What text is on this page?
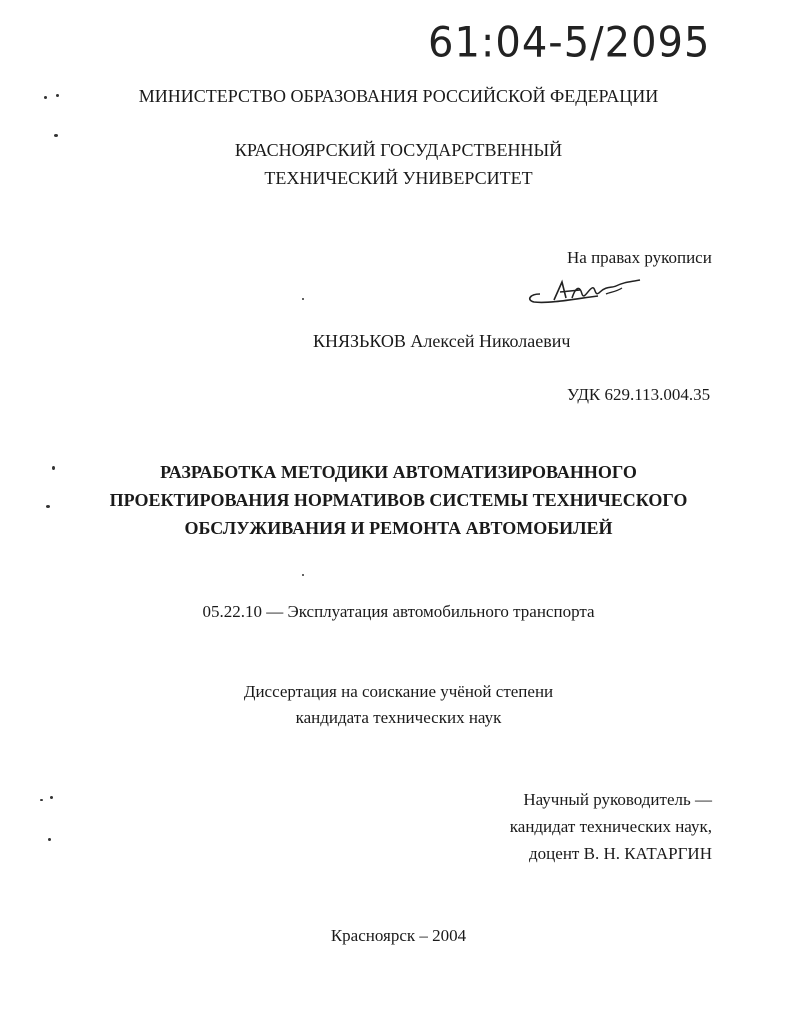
61:04-5/2095
МИНИСТЕРСТВО ОБРАЗОВАНИЯ РОССИЙСКОЙ ФЕДЕРАЦИИ
КРАСНОЯРСКИЙ ГОСУДАРСТВЕННЫЙ
ТЕХНИЧЕСКИЙ УНИВЕРСИТЕТ
На правах рукописи
КНЯЗЬКОВ Алексей Николаевич
УДК 629.113.004.35
РАЗРАБОТКА МЕТОДИКИ АВТОМАТИЗИРОВАННОГО
ПРОЕКТИРОВАНИЯ НОРМАТИВОВ СИСТЕМЫ ТЕХНИЧЕСКОГО
ОБСЛУЖИВАНИЯ И РЕМОНТА АВТОМОБИЛЕЙ
05.22.10 — Эксплуатация автомобильного транспорта
Диссертация на соискание учёной степени
кандидата технических наук
Научный руководитель —
кандидат технических наук,
доцент В. Н. КАТАРГИН
Красноярск – 2004
